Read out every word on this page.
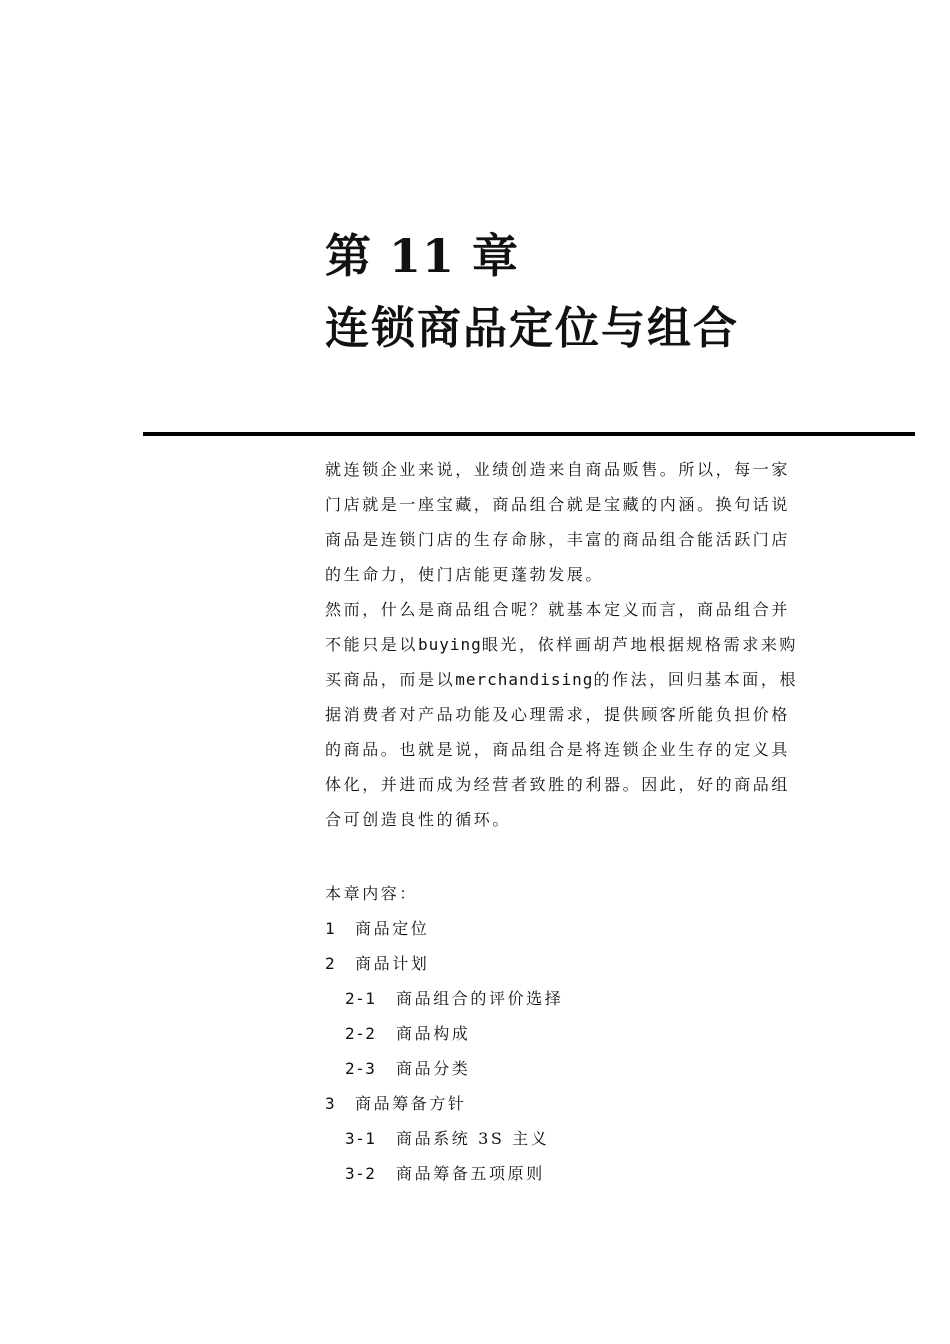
第 11 章
连锁商品定位与组合
就连锁企业来说，业绩创造来自商品贩售。所以，每一家
门店就是一座宝藏，商品组合就是宝藏的内涵。换句话说
商品是连锁门店的生存命脉，丰富的商品组合能活跃门店
的生命力，使门店能更蓬勃发展。
然而，什么是商品组合呢？就基本定义而言，商品组合并
不能只是以buying眼光，依样画胡芦地根据规格需求来购
买商品，而是以merchandising的作法，回归基本面，根
据消费者对产品功能及心理需求，提供顾客所能负担价格
的商品。也就是说，商品组合是将连锁企业生存的定义具
体化，并进而成为经营者致胜的利器。因此，好的商品组
合可创造良性的循环。
本章内容：
1 商品定位
2 商品计划
2-1 商品组合的评价选择
2-2 商品构成
2-3 商品分类
3 商品筹备方针
3-1 商品系统 3S 主义
3-2 商品筹备五项原则
